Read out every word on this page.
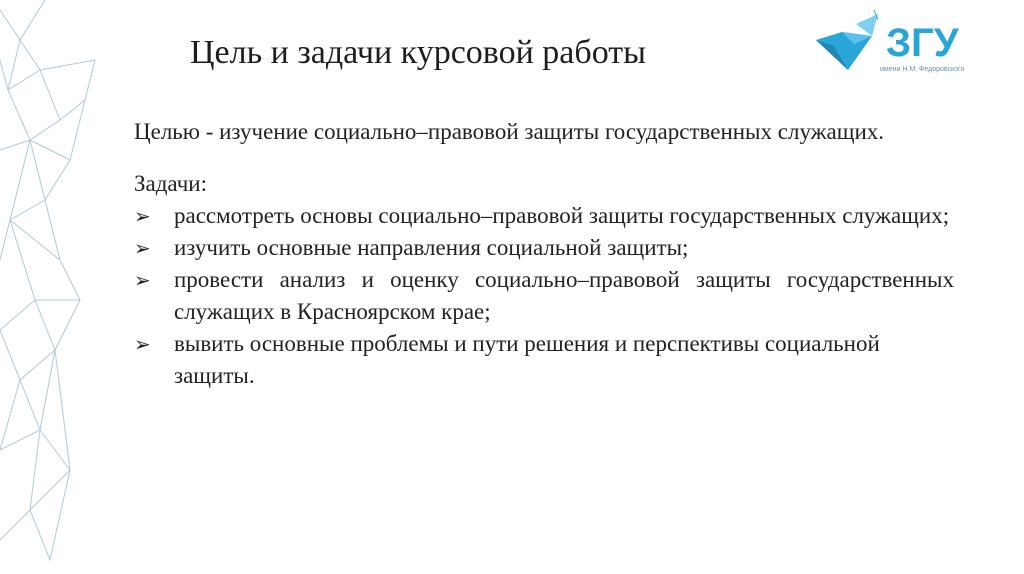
ЗГУ
имени Н.М. Федоровского
Цель и задачи курсовой работы

Целью - изучение социально–правовой защиты государственных служащих.

Задачи:

➢ рассмотреть основы социально–правовой защиты государственных служащих;
➢ изучить основные направления социальной защиты;
➢ провести анализ и оценку социально–правовой защиты государственных служащих в Красноярском крае;
➢ вывить основные проблемы и пути решения и перспективы социальной защиты.
